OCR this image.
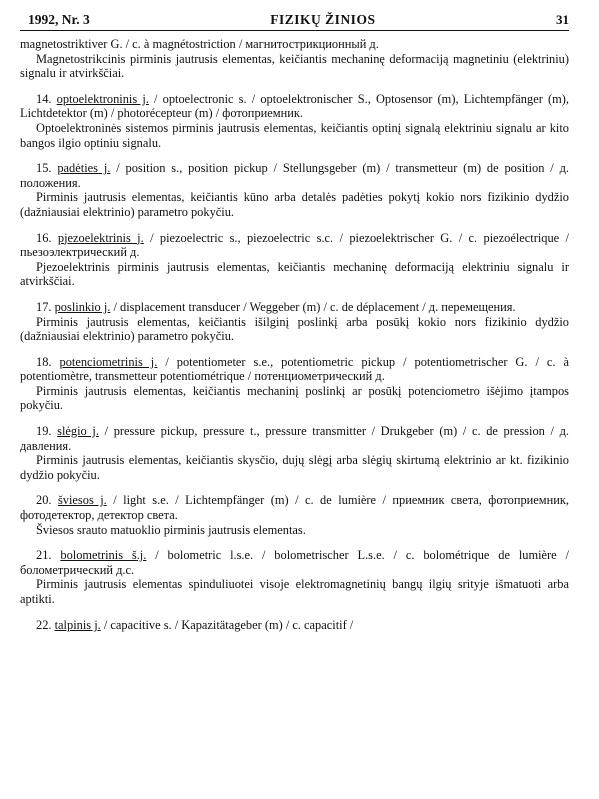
1992, Nr. 3	FIZIKŲ ŽINIOS	31

magnetostriktiver G. / c. à magnétostriction / магнитострикционный д.

Magnetostrikcinis pirminis jautrusis elementas, keičiantis mechaninę deformaciją magnetiniu (elektriniu) signalu ir atvirkščiai.

14. optoelektroninis j. / optoelectronic s. / optoelektronischer S., Optosensor (m), Lichtempfänger (m), Lichtdetektor (m) / photorécepteur (m) / фотоприемник.

Optoelektroninės sistemos pirminis jautrusis elementas, keičiantis optinį signalą elektriniu signalu ar kito bangos ilgio optiniu signalu.

15. padėties j. / position s., position pickup / Stellungsgeber (m) / transmetteur (m) de position / д. положения.

Pirminis jautrusis elementas, keičiantis kūno arba detalės padėties pokytį kokio nors fizikinio dydžio (dažniausiai elektrinio) parametro pokyčiu.

16. pjezoelektrinis j. / piezoelectric s., piezoelectric s.c. / piezoelektrischer G. / c. piezoélectrique / пьезоэлектрический д.

Pjezoelektrinis pirminis jautrusis elementas, keičiantis mechaninę deformaciją elektriniu signalu ir atvirkščiai.

17. poslinkio j. / displacement transducer / Weggeber (m) / c. de déplacement / д. перемещения.

Pirminis jautrusis elementas, keičiantis išilginį poslinkį arba posūkį kokio nors fizikinio dydžio (dažniausiai elektrinio) parametro pokyčiu.

18. potenciometrinis j. / potentiometer s.e., potentiometric pickup / potentiometrischer G. / c. à potentiomètre, transmetteur potentiométrique / потенциометрический д.

Pirminis jautrusis elementas, keičiantis mechaninį poslinkį ar posūkį potenciometro išėjimo įtampos pokyčiu.

19. slėgio j. / pressure pickup, pressure t., pressure transmitter / Drukgeber (m) / c. de pression / д. давления.

Pirminis jautrusis elementas, keičiantis skysčio, dujų slėgį arba slėgių skirtumą elektrinio ar kt. fizikinio dydžio pokyčiu.

20. šviesos j. / light s.e. / Lichtempfänger (m) / c. de lumière / приемник света, фотоприемник, фотодетектор, детектор света.

Šviesos srauto matuoklio pirminis jautrusis elementas.

21. bolometrinis š.j. / bolometric l.s.e. / bolometrischer L.s.e. / c. bolométrique de lumière / болометрический д.с.

Pirminis jautrusis elementas spinduliuotei visoje elektromagnetinių bangų ilgių srityje išmatuoti arba aptikti.

22. talpinis j. / capacitive s. / Kapazitätageber (m) / c. capacitif /
